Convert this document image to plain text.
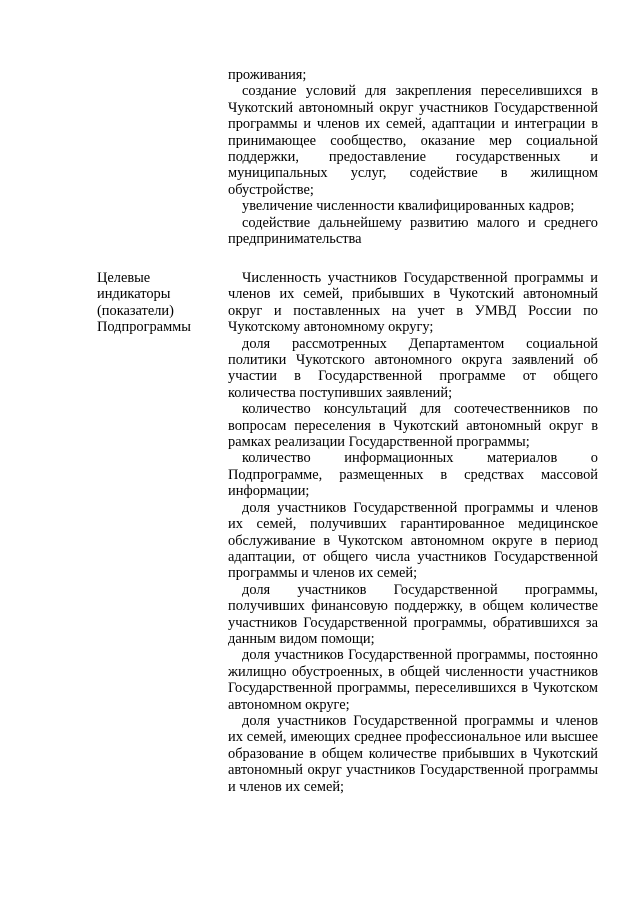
проживания;

создание условий для закрепления переселившихся в Чукотский автономный округ участников Государственной программы и членов их семей, адаптации и интеграции в принимающее сообщество, оказание мер социальной поддержки, предоставление государственных и муниципальных услуг, содействие в жилищном обустройстве;

увеличение численности квалифицированных кадров;

содействие дальнейшему развитию малого и среднего предпринимательства

Целевые
индикаторы
(показатели)
Подпрограммы

Численность участников Государственной программы и членов их семей, прибывших в Чукотский автономный округ и поставленных на учет в УМВД России по Чукотскому автономному округу;

доля рассмотренных Департаментом социальной политики Чукотского автономного округа заявлений об участии в Государственной программе от общего количества поступивших заявлений;

количество консультаций для соотечественников по вопросам переселения в Чукотский автономный округ в рамках реализации Государственной программы;

количество информационных материалов о Подпрограмме, размещенных в средствах массовой информации;

доля участников Государственной программы и членов их семей, получивших гарантированное медицинское обслуживание в Чукотском автономном округе в период адаптации, от общего числа участников Государственной программы и членов их семей;

доля участников Государственной программы, получивших финансовую поддержку, в общем количестве участников Государственной программы, обратившихся за данным видом помощи;

доля участников Государственной программы, постоянно жилищно обустроенных, в общей численности участников Государственной программы, переселившихся в Чукотском автономном округе;

доля участников Государственной программы и членов их семей, имеющих среднее профессиональное или высшее образование в общем количестве прибывших в Чукотский автономный округ участников Государственной программы и членов их семей;
